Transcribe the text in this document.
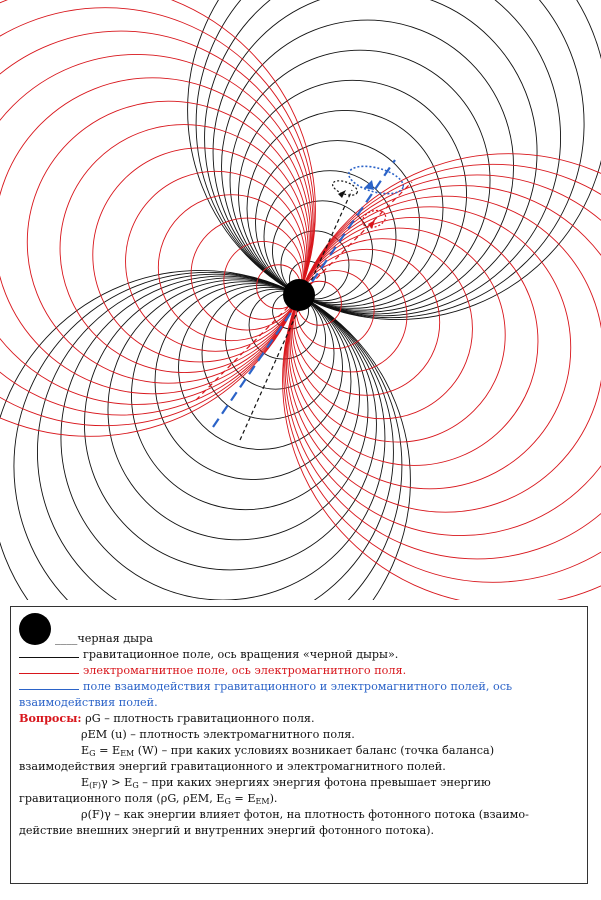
____черная дыра
гравитационное поле, ось вращения «черной дыры».
электромагнитное поле, ось электромагнитного поля.
поле взаимодействия гравитационного и электромагнитного полей, ось
взаимодействия полей.
Вопросы: ρG – плотность гравитационного поля.
ρEM (u) – плотность электромагнитного поля.
$E_G = E_{EM}$ (W) – при каких условиях возникает баланс (точка баланса)
взаимодействия энергий гравитационного и электромагнитного полей.
$E_{(F)}\gamma > E_G$ – при каких энергиях энергия фотона превышает энергию
гравитационного поля (ρG, ρEM, $E_G = E_{EM}$).
ρ(F)γ – как энергии влияет фотон, на плотность фотонного потока (взаимо-
действие внешних энергий и внутренних энергий фотонного потока).
